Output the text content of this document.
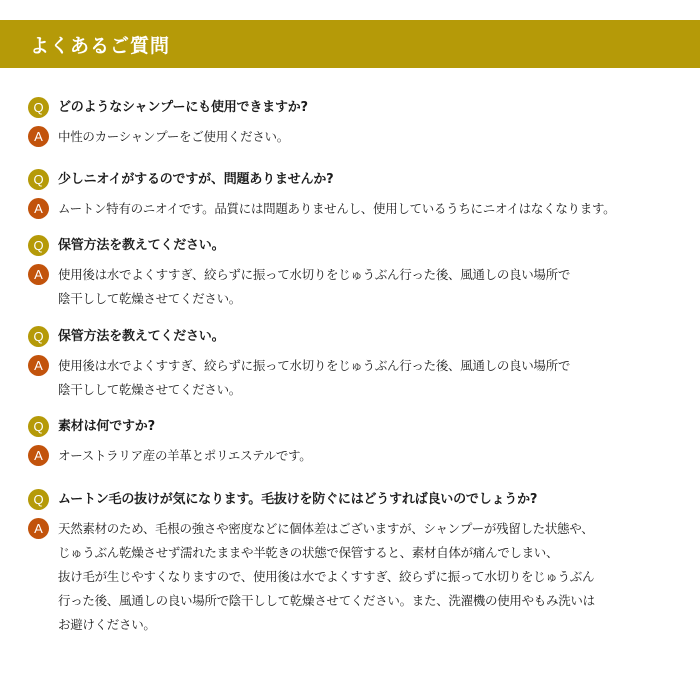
よくあるご質問
Q	どのようなシャンプーにも使用できますか?
A	中性のカーシャンプーをご使用ください。
Q	少しニオイがするのですが、問題ありませんか?
A	ムートン特有のニオイです。品質には問題ありませんし、使用しているうちにニオイはなくなります。
Q	保管方法を教えてください。
A	使用後は水でよくすすぎ、絞らずに振って水切りをじゅうぶん行った後、風通しの良い場所で
陰干しして乾燥させてください。
Q	保管方法を教えてください。
A	使用後は水でよくすすぎ、絞らずに振って水切りをじゅうぶん行った後、風通しの良い場所で
陰干しして乾燥させてください。
Q	素材は何ですか?
A	オーストラリア産の羊革とポリエステルです。
Q	ムートン毛の抜けが気になります。毛抜けを防ぐにはどうすれば良いのでしょうか?
A	天然素材のため、毛根の強さや密度などに個体差はございますが、シャンプーが残留した状態や、
じゅうぶん乾燥させず濡れたままや半乾きの状態で保管すると、素材自体が痛んでしまい、
抜け毛が生じやすくなりますので、使用後は水でよくすすぎ、絞らずに振って水切りをじゅうぶん
行った後、風通しの良い場所で陰干しして乾燥させてください。また、洗濯機の使用やもみ洗いは
お避けください。
